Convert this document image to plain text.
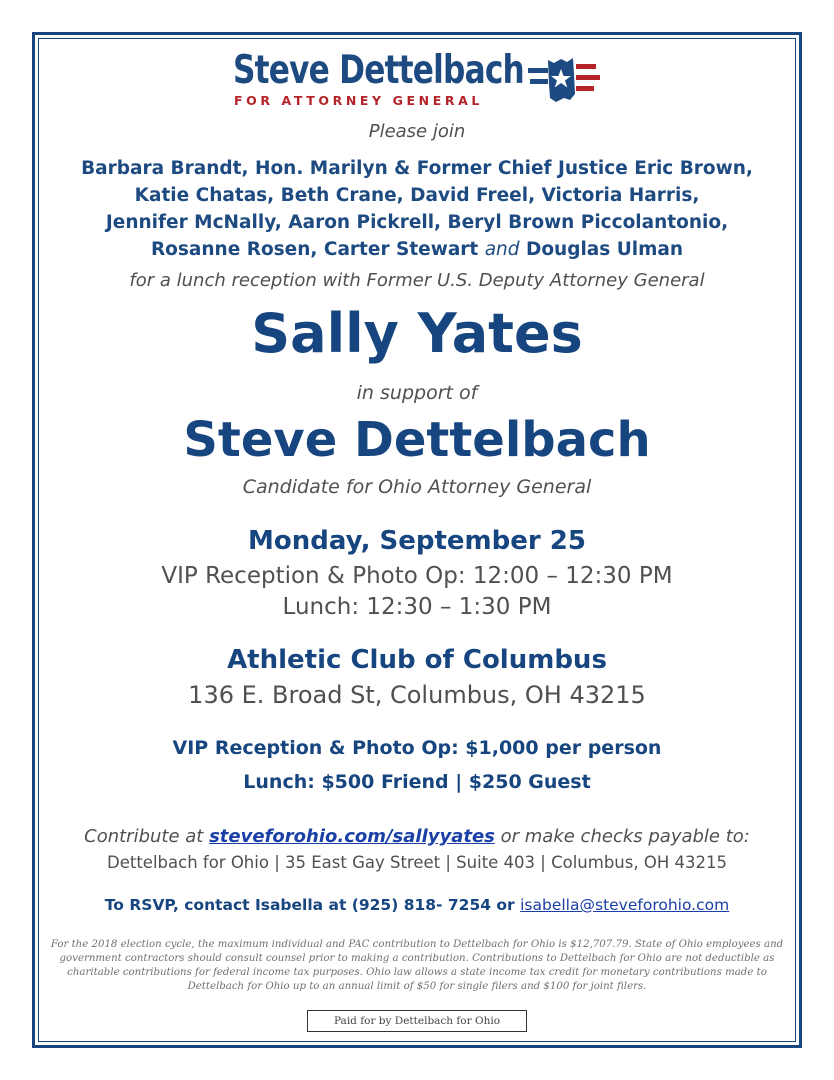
Steve Dettelbach
FOR ATTORNEY GENERAL
Please join
Barbara Brandt, Hon. Marilyn & Former Chief Justice Eric Brown,
Katie Chatas, Beth Crane, David Freel, Victoria Harris,
Jennifer McNally, Aaron Pickrell, Beryl Brown Piccolantonio,
Rosanne Rosen, Carter Stewart and Douglas Ulman
for a lunch reception with Former U.S. Deputy Attorney General
Sally Yates
in support of
Steve Dettelbach
Candidate for Ohio Attorney General
Monday, September 25
VIP Reception & Photo Op: 12:00 – 12:30 PM
Lunch: 12:30 – 1:30 PM
Athletic Club of Columbus
136 E. Broad St, Columbus, OH 43215
VIP Reception & Photo Op: $1,000 per person
Lunch: $500 Friend | $250 Guest
Contribute at steveforohio.com/sallyyates or make checks payable to:
Dettelbach for Ohio | 35 East Gay Street | Suite 403 | Columbus, OH 43215
To RSVP, contact Isabella at (925) 818- 7254 or isabella@steveforohio.com
For the 2018 election cycle, the maximum individual and PAC contribution to Dettelbach for Ohio is $12,707.79. State of Ohio employees and government contractors should consult counsel prior to making a contribution. Contributions to Dettelbach for Ohio are not deductible as charitable contributions for federal income tax purposes. Ohio law allows a state income tax credit for monetary contributions made to Dettelbach for Ohio up to an annual limit of $50 for single filers and $100 for joint filers.
Paid for by Dettelbach for Ohio
